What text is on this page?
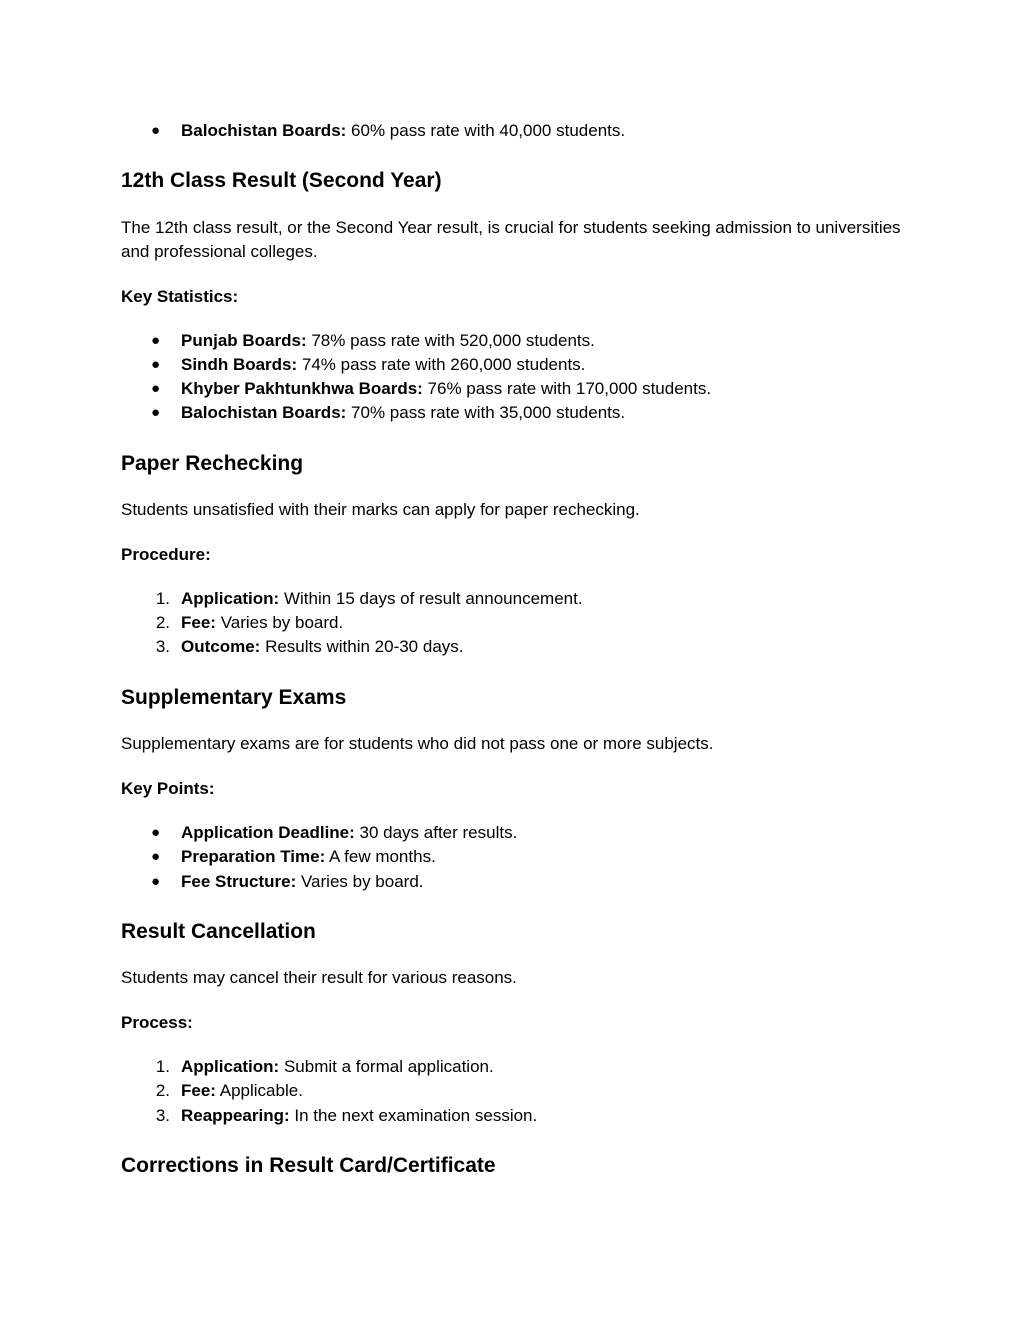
● Balochistan Boards: 60% pass rate with 40,000 students.
12th Class Result (Second Year)
The 12th class result, or the Second Year result, is crucial for students seeking admission to universities and professional colleges.
Key Statistics:
● Punjab Boards: 78% pass rate with 520,000 students.
● Sindh Boards: 74% pass rate with 260,000 students.
● Khyber Pakhtunkhwa Boards: 76% pass rate with 170,000 students.
● Balochistan Boards: 70% pass rate with 35,000 students.
Paper Rechecking
Students unsatisfied with their marks can apply for paper rechecking.
Procedure:
1. Application: Within 15 days of result announcement.
2. Fee: Varies by board.
3. Outcome: Results within 20-30 days.
Supplementary Exams
Supplementary exams are for students who did not pass one or more subjects.
Key Points:
● Application Deadline: 30 days after results.
● Preparation Time: A few months.
● Fee Structure: Varies by board.
Result Cancellation
Students may cancel their result for various reasons.
Process:
1. Application: Submit a formal application.
2. Fee: Applicable.
3. Reappearing: In the next examination session.
Corrections in Result Card/Certificate
